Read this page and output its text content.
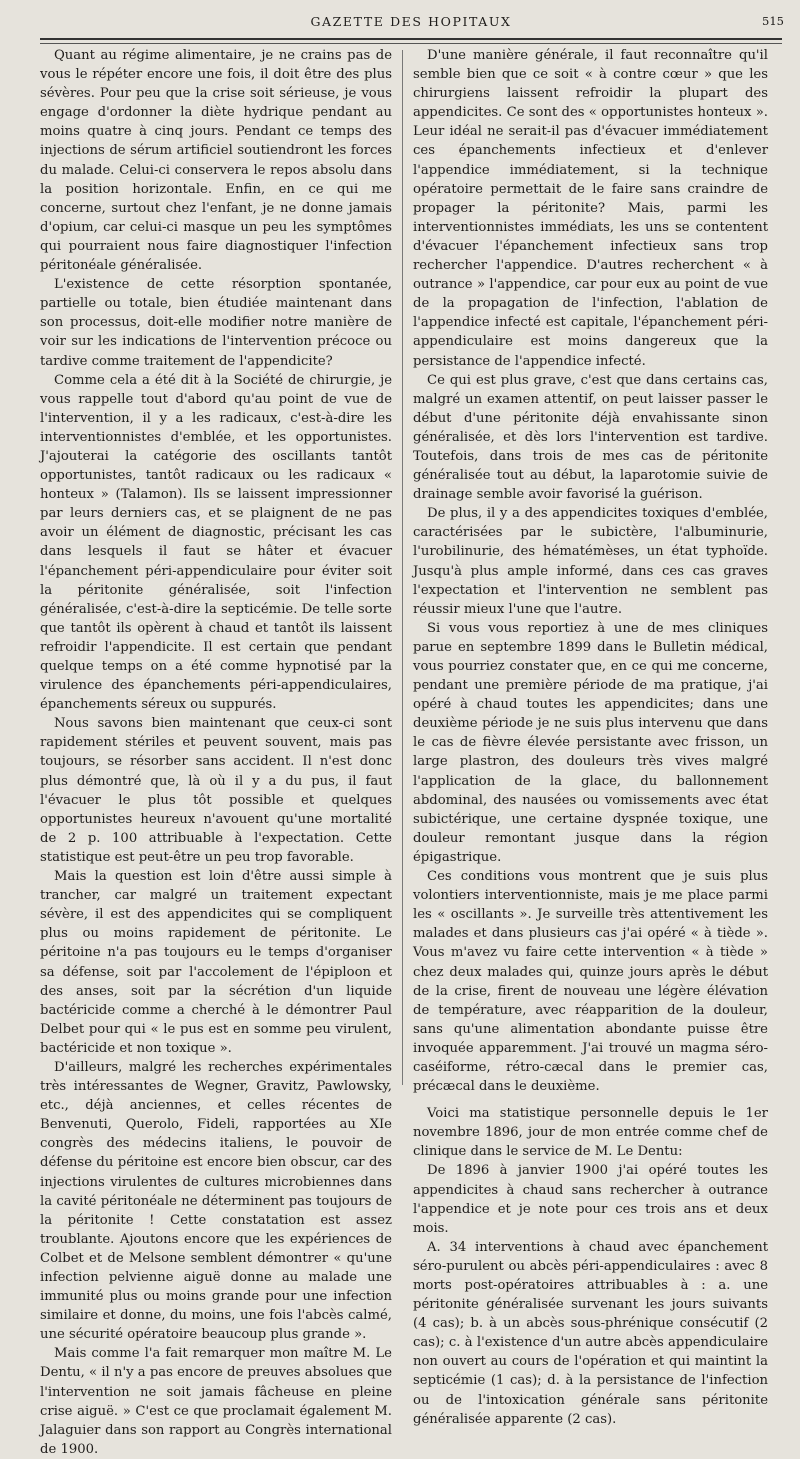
GAZETTE DES HOPITAUX	515

Quant au régime alimentaire, je ne crains pas de vous le répéter encore une fois, il doit être des plus sévères. Pour peu que la crise soit sérieuse, je vous engage d'ordonner la diète hydrique pendant au moins quatre à cinq jours. Pendant ce temps des injections de sérum artificiel soutiendront les forces du malade. Celui-ci conservera le repos absolu dans la position horizontale. Enfin, en ce qui me concerne, surtout chez l'enfant, je ne donne jamais d'opium, car celui-ci masque un peu les symptômes qui pourraient nous faire diagnostiquer l'infection péritonéale généralisée.

L'existence de cette résorption spontanée, partielle ou totale, bien étudiée maintenant dans son processus, doit-elle modifier notre manière de voir sur les indications de l'intervention précoce ou tardive comme traitement de l'appendicite?

Comme cela a été dit à la Société de chirurgie, je vous rappelle tout d'abord qu'au point de vue de l'intervention, il y a les radicaux, c'est-à-dire les interventionnistes d'emblée, et les opportunistes. J'ajouterai la catégorie des oscillants tantôt opportunistes, tantôt radicaux ou les radicaux « honteux » (Talamon). Ils se laissent impressionner par leurs derniers cas, et se plaignent de ne pas avoir un élément de diagnostic, précisant les cas dans lesquels il faut se hâter et évacuer l'épanchement péri-appendiculaire pour éviter soit la péritonite généralisée, soit l'infection généralisée, c'est-à-dire la septicémie. De telle sorte que tantôt ils opèrent à chaud et tantôt ils laissent refroidir l'appendicite. Il est certain que pendant quelque temps on a été comme hypnotisé par la virulence des épanchements péri-appendiculaires, épanchements séreux ou suppurés.

Nous savons bien maintenant que ceux-ci sont rapidement stériles et peuvent souvent, mais pas toujours, se résorber sans accident. Il n'est donc plus démontré que, là où il y a du pus, il faut l'évacuer le plus tôt possible et quelques opportunistes heureux n'avouent qu'une mortalité de 2 p. 100 attribuable à l'expectation. Cette statistique est peut-être un peu trop favorable.

Mais la question est loin d'être aussi simple à trancher, car malgré un traitement expectant sévère, il est des appendicites qui se compliquent plus ou moins rapidement de péritonite. Le péritoine n'a pas toujours eu le temps d'organiser sa défense, soit par l'accolement de l'épiploon et des anses, soit par la sécrétion d'un liquide bactéricide comme a cherché à le démontrer Paul Delbet pour qui « le pus est en somme peu virulent, bactéricide et non toxique ».

D'ailleurs, malgré les recherches expérimentales très intéressantes de Wegner, Gravitz, Pawlowsky, etc., déjà anciennes, et celles récentes de Benvenuti, Querolo, Fideli, rapportées au XIe congrès des médecins italiens, le pouvoir de défense du péritoine est encore bien obscur, car des injections virulentes de cultures microbiennes dans la cavité péritonéale ne déterminent pas toujours de la péritonite ! Cette constatation est assez troublante. Ajoutons encore que les expériences de Colbet et de Melsone semblent démontrer « qu'une infection pelvienne aiguë donne au malade une immunité plus ou moins grande pour une infection similaire et donne, du moins, une fois l'abcès calmé, une sécurité opératoire beaucoup plus grande ».

Mais comme l'a fait remarquer mon maître M. Le Dentu, « il n'y a pas encore de preuves absolues que l'intervention ne soit jamais fâcheuse en pleine crise aiguë. » C'est ce que proclamait également M. Jalaguier dans son rapport au Congrès international de 1900.

D'une manière générale, il faut reconnaître qu'il semble bien que ce soit « à contre cœur » que les chirurgiens laissent refroidir la plupart des appendicites. Ce sont des « opportunistes honteux ». Leur idéal ne serait-il pas d'évacuer immédiatement ces épanchements infectieux et d'enlever l'appendice immédiatement, si la technique opératoire permettait de le faire sans craindre de propager la péritonite? Mais, parmi les interventionnistes immédiats, les uns se contentent d'évacuer l'épanchement infectieux sans trop rechercher l'appendice. D'autres recherchent « à outrance » l'appendice, car pour eux au point de vue de la propagation de l'infection, l'ablation de l'appendice infecté est capitale, l'épanchement péri-appendiculaire est moins dangereux que la persistance de l'appendice infecté.

Ce qui est plus grave, c'est que dans certains cas, malgré un examen attentif, on peut laisser passer le début d'une péritonite déjà envahissante sinon généralisée, et dès lors l'intervention est tardive. Toutefois, dans trois de mes cas de péritonite généralisée tout au début, la laparotomie suivie de drainage semble avoir favorisé la guérison.

De plus, il y a des appendicites toxiques d'emblée, caractérisées par le subictère, l'albuminurie, l'urobilinurie, des hématémèses, un état typhoïde. Jusqu'à plus ample informé, dans ces cas graves l'expectation et l'intervention ne semblent pas réussir mieux l'une que l'autre.

Si vous vous reportiez à une de mes cliniques parue en septembre 1899 dans le Bulletin médical, vous pourriez constater que, en ce qui me concerne, pendant une première période de ma pratique, j'ai opéré à chaud toutes les appendicites; dans une deuxième période je ne suis plus intervenu que dans le cas de fièvre élevée persistante avec frisson, un large plastron, des douleurs très vives malgré l'application de la glace, du ballonnement abdominal, des nausées ou vomissements avec état subictérique, une certaine dyspnée toxique, une douleur remontant jusque dans la région épigastrique.

Ces conditions vous montrent que je suis plus volontiers interventionniste, mais je me place parmi les « oscillants ». Je surveille très attentivement les malades et dans plusieurs cas j'ai opéré « à tiède ». Vous m'avez vu faire cette intervention « à tiède » chez deux malades qui, quinze jours après le début de la crise, firent de nouveau une légère élévation de température, avec réapparition de la douleur, sans qu'une alimentation abondante puisse être invoquée apparemment. J'ai trouvé un magma séro-caséiforme, rétro-cæcal dans le premier cas, précæcal dans le deuxième.

Voici ma statistique personnelle depuis le 1er novembre 1896, jour de mon entrée comme chef de clinique dans le service de M. Le Dentu:

De 1896 à janvier 1900 j'ai opéré toutes les appendicites à chaud sans rechercher à outrance l'appendice et je note pour ces trois ans et deux mois.

A. 34 interventions à chaud avec épanchement séro-purulent ou abcès péri-appendiculaires : avec 8 morts post-opératoires attribuables à : a. une péritonite généralisée survenant les jours suivants (4 cas); b. à un abcès sous-phrénique consécutif (2 cas); c. à l'existence d'un autre abcès appendiculaire non ouvert au cours de l'opération et qui maintint la septicémie (1 cas); d. à la persistance de l'infection ou de l'intoxication générale sans péritonite généralisée apparente (2 cas).
